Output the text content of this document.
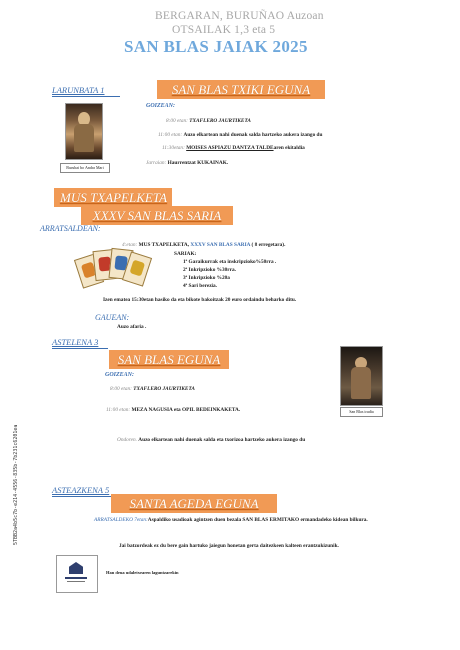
BERGARAN, BURUÑAO Auzoan
OTSAILAK 1,3 eta 5
SAN BLAS JAIAK 2025
LARUNBATA 1	SAN BLAS TXIKI EGUNA
Burubai bo Andra Mari
GOIZEAN:
8:00 etan: TXAFLERO JAURTIKETA
11:00 etan: Auzo elkartean nahi duenak salda hartzeko aukera izango du
11:30etan: MOISES ASPIAZU DANTZA TALDEaren ekitaldia
Jarraian: Haurrentzat KUKAINAK.
MUS TXAPELKETA
XXXV SAN BLAS SARIA
ARRATSALDEAN:
4:etan: MUS TXAPELKETA, XXXV SAN BLAS SARIA ( 8 erregetara).
SARIAK:
1ª Garaikurrak eta inskripzioko%50rra .
2ª Inkripzioko %30rra.
3ª Inkripzioko %20a
4ª Sari berezia.
Izen ematea 15:30etan hasiko da eta bikote bakoitzak 20 euro ordaindu beharko ditu.
GAUEAN:
Auzo afaria .
ASTELENA 3
SAN BLAS EGUNA
San Blas irudia
GOIZEAN:
8:00 etan: TXAFLERO JAURTIKETA
11:00 etan: MEZA NAGUSIA eta OPIL BEDEINKAKETA.
Ondoren. Auzo elkartean nahi duenak salda eta txorizoa hartzeko aukera izango du
ASTEAZKENA 5
SANTA AGEDA EGUNA
ARRATSALDEKO 7etan:Aspaldiko usadioak agintzen duen bezala SAN BLAS ERMITAKO ermandadeko kidean bilkura.
Jai batzordeak ez du bere gain hartuko jaiegun honetan gerta daitezkeen kalteen erantzukizunik.
Han deua udaletxearen laguntzarekin
5TBB2a4b5c7b-e214-4556-835b-7b231c6201ea
